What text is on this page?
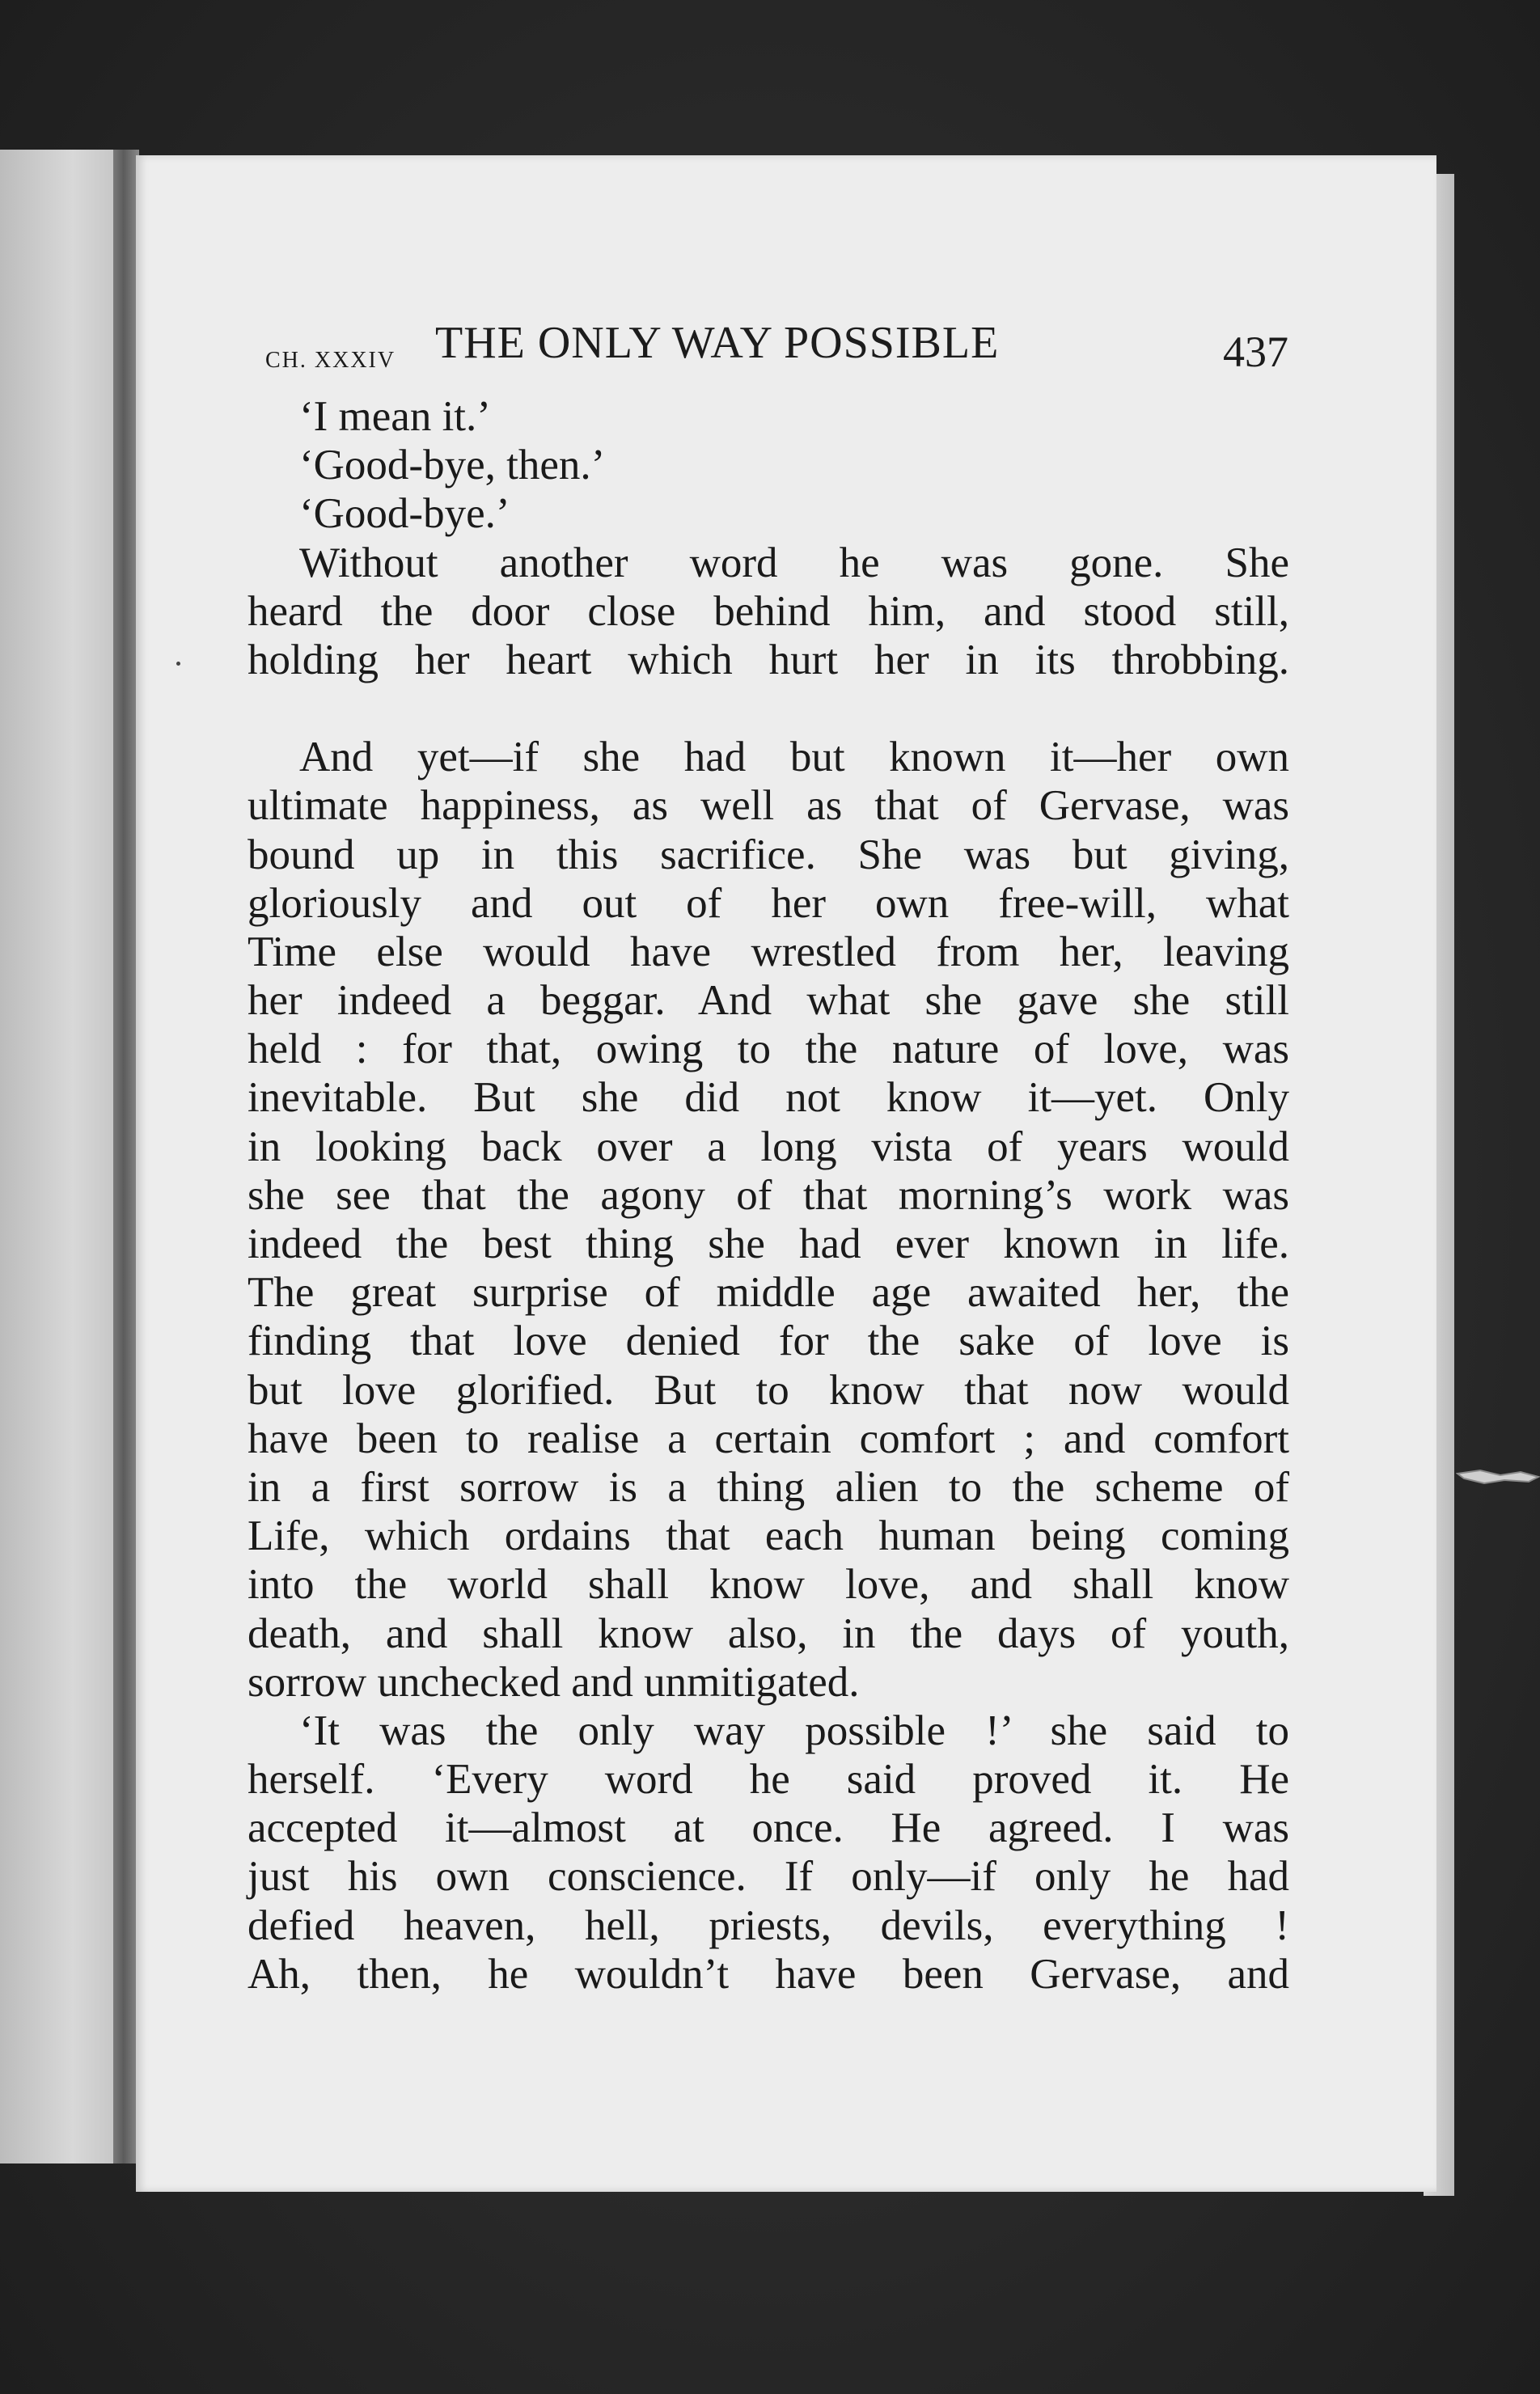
CH. XXXIV THE ONLY WAY POSSIBLE	437
‘I mean it.’
‘Good-bye, then.’
‘Good-bye.’
Without another word he was gone. She
heard the door close behind him, and stood still,
holding her heart which hurt her in its throbbing.
And yet—if she had but known it—her own
ultimate happiness, as well as that of Gervase, was
bound up in this sacrifice. She was but giving,
gloriously and out of her own free-will, what
Time else would have wrestled from her, leaving
her indeed a beggar. And what she gave she still
held : for that, owing to the nature of love, was
inevitable. But she did not know it—yet. Only
in looking back over a long vista of years would
she see that the agony of that morning’s work was
indeed the best thing she had ever known in life.
The great surprise of middle age awaited her, the
finding that love denied for the sake of love is
but love glorified. But to know that now would
have been to realise a certain comfort ; and comfort
in a first sorrow is a thing alien to the scheme of
Life, which ordains that each human being coming
into the world shall know love, and shall know
death, and shall know also, in the days of youth,
sorrow unchecked and unmitigated.
‘It was the only way possible !’ she said to
herself. ‘Every word he said proved it. He
accepted it—almost at once. He agreed. I was
just his own conscience. If only—if only he had
defied heaven, hell, priests, devils, everything !
Ah, then, he wouldn’t have been Gervase, and
